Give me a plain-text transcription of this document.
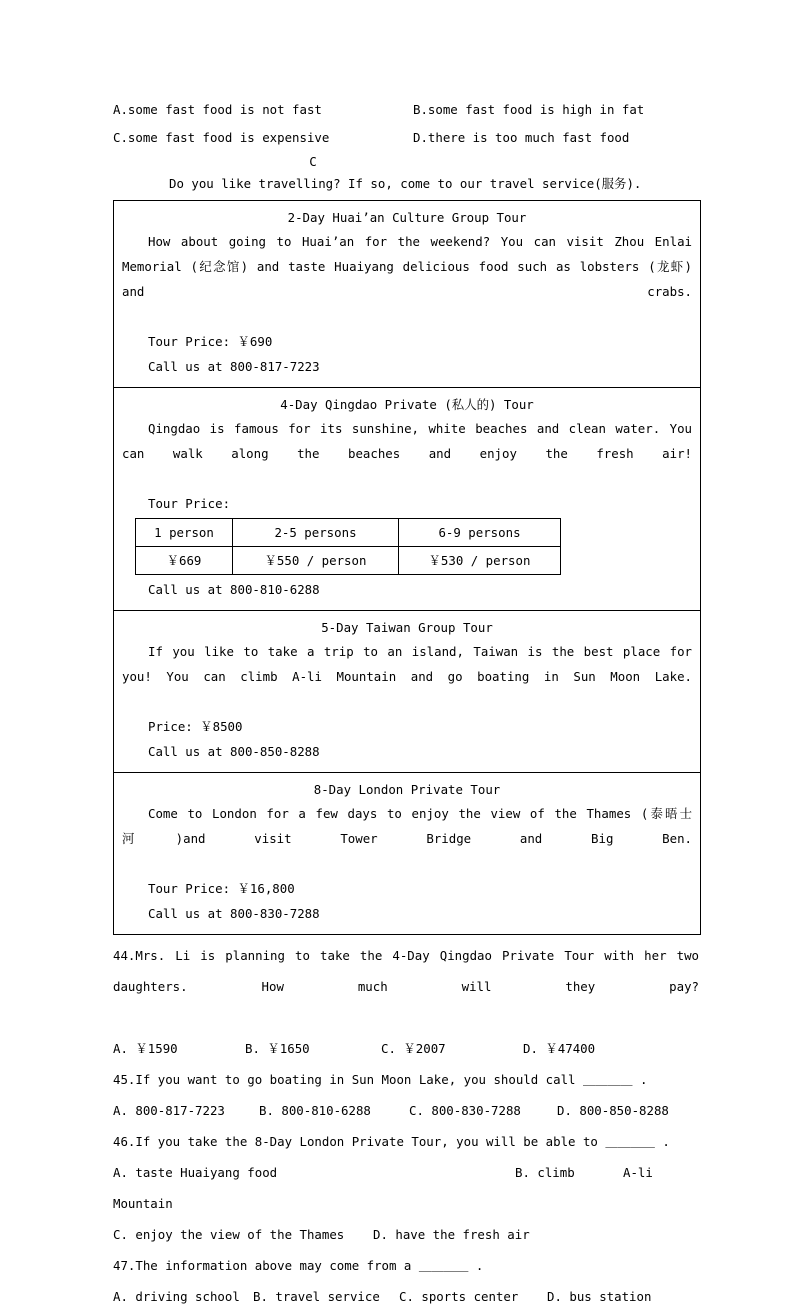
A.some fast food is not fast	B.some fast food is high in fat
C.some fast food is expensive	D.there is too much fast food
C
Do you like travelling? If so, come to our travel service(服务).
2-Day Huai’an Culture Group Tour

How about going to Huai’an for the weekend? You can visit Zhou Enlai Memorial (纪念馆) and taste Huaiyang delicious food such as lobsters (龙虾) and crabs.

Tour Price: ￥690
Call us at 800-817-7223
4-Day Qingdao Private (私人的) Tour

Qingdao is famous for its sunshine, white beaches and clean water. You can walk along the beaches and enjoy the fresh air!

Tour Price:
1 person	2-5 persons	6-9 persons
￥669	￥550 / person	￥530 / person
Call us at 800-810-6288
5-Day Taiwan Group Tour

If you like to take a trip to an island, Taiwan is the best place for you! You can climb A-li Mountain and go boating in Sun Moon Lake.

Price: ￥8500
Call us at 800-850-8288
8-Day London Private Tour

Come to London for a few days to enjoy the view of the Thames (泰晤士河)and visit Tower Bridge and Big Ben.

Tour Price: ￥16,800
Call us at 800-830-7288

44.Mrs. Li is planning to take the 4-Day Qingdao Private Tour with her two daughters. How much will they pay?

A. ￥1590	B. ￥1650	C. ￥2007	D. ￥47400
45.If you want to go boating in Sun Moon Lake, you should call ＿＿＿＿ .
A. 800-817-7223	B. 800-810-6288	C. 800-830-7288	D. 800-850-8288
46.If you take the 8-Day London Private Tour, you will be able to ＿＿＿＿ .
A. taste Huaiyang food	B. climb	A-li
Mountain
C. enjoy the view of the Thames	D. have the fresh air
47.The information above may come from a ＿＿＿＿ .
A. driving school	B. travel service	C. sports center	D. bus station
